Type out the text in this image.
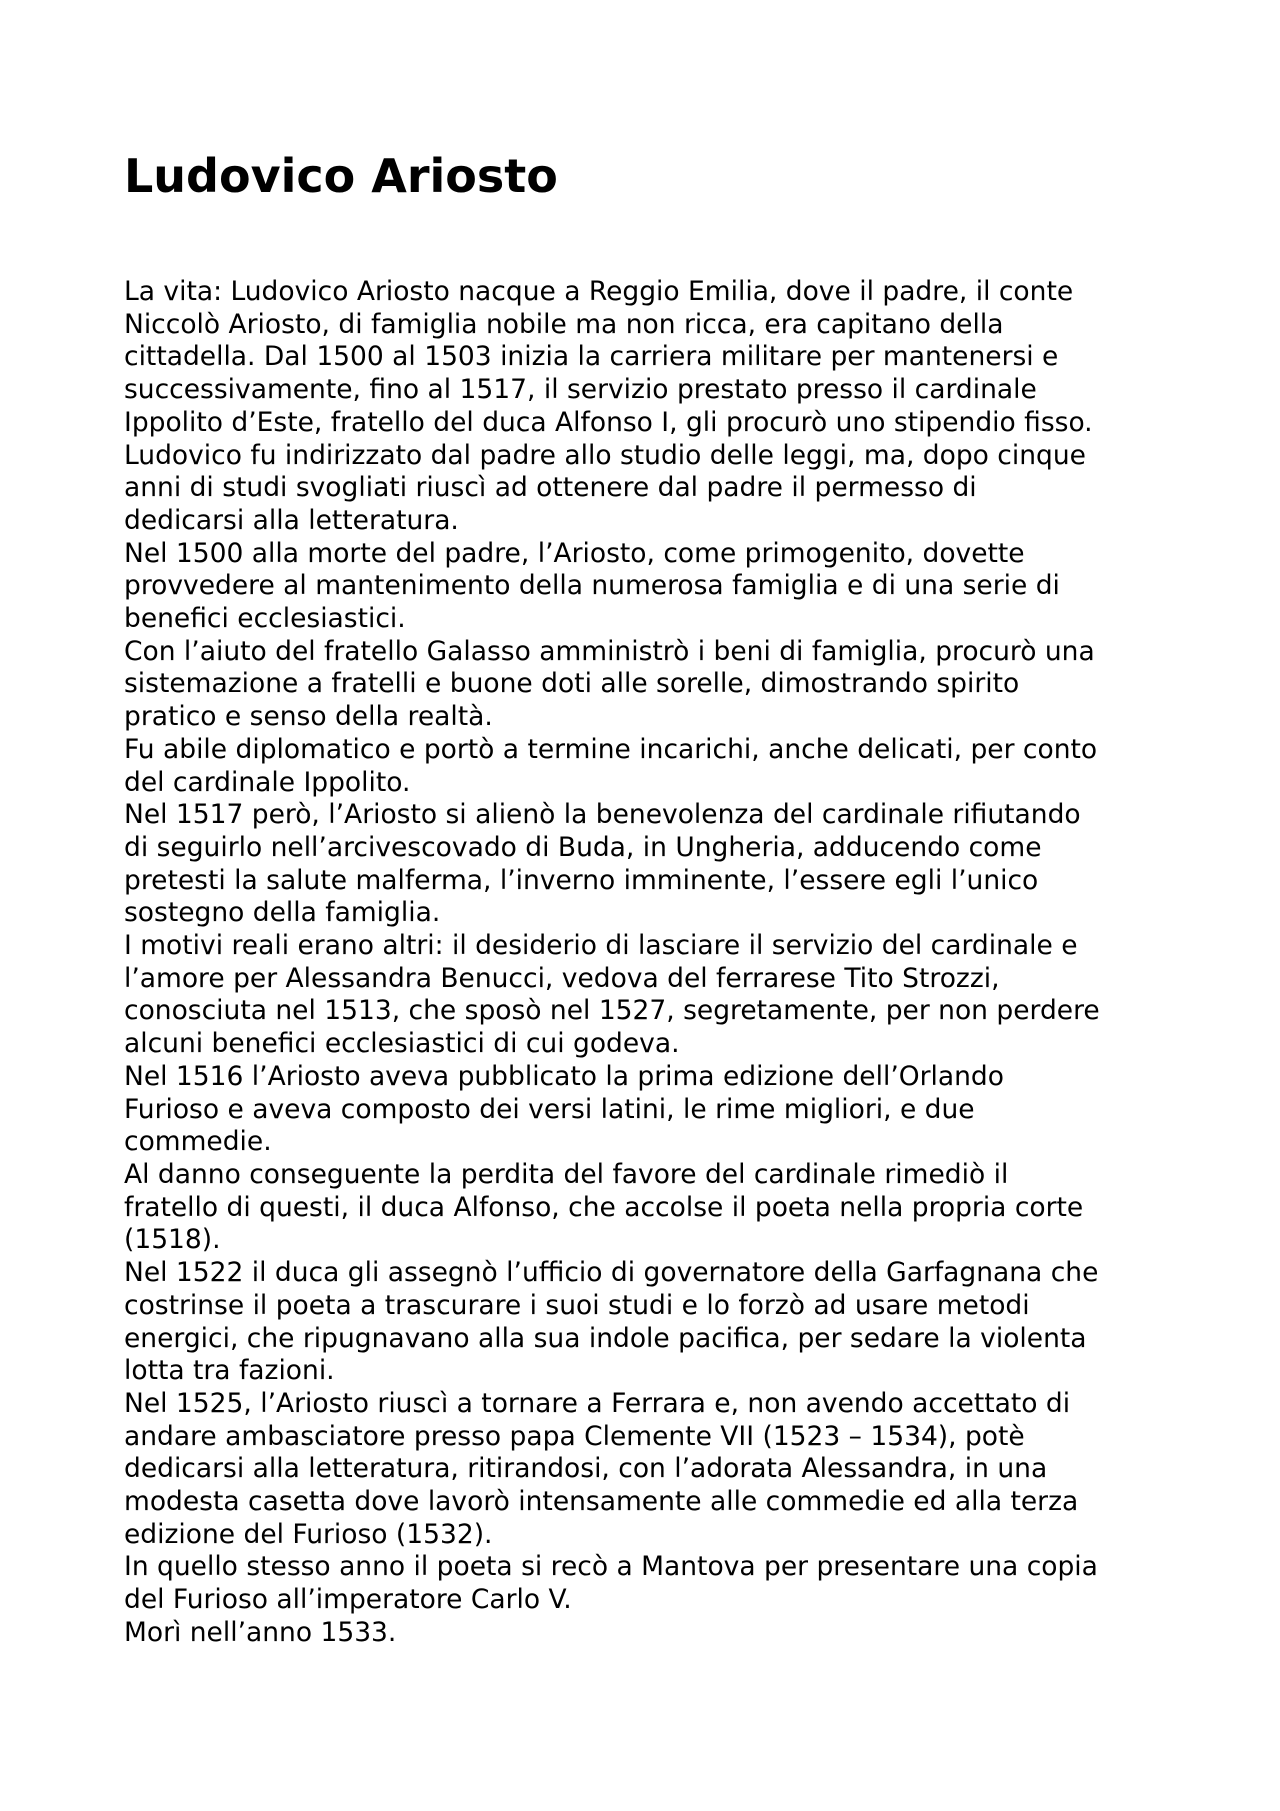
Ludovico Ariosto
La vita: Ludovico Ariosto nacque a Reggio Emilia, dove il padre, il conte
Niccolò Ariosto, di famiglia nobile ma non ricca, era capitano della
cittadella. Dal 1500 al 1503 inizia la carriera militare per mantenersi e
successivamente, fino al 1517, il servizio prestato presso il cardinale
Ippolito d’Este, fratello del duca Alfonso I, gli procurò uno stipendio fisso.
Ludovico fu indirizzato dal padre allo studio delle leggi, ma, dopo cinque
anni di studi svogliati riuscì ad ottenere dal padre il permesso di
dedicarsi alla letteratura.
Nel 1500 alla morte del padre, l’Ariosto, come primogenito, dovette
provvedere al mantenimento della numerosa famiglia e di una serie di
benefici ecclesiastici.
Con l’aiuto del fratello Galasso amministrò i beni di famiglia, procurò una
sistemazione a fratelli e buone doti alle sorelle, dimostrando spirito
pratico e senso della realtà.
Fu abile diplomatico e portò a termine incarichi, anche delicati, per conto
del cardinale Ippolito.
Nel 1517 però, l’Ariosto si alienò la benevolenza del cardinale rifiutando
di seguirlo nell’arcivescovado di Buda, in Ungheria, adducendo come
pretesti la salute malferma, l’inverno imminente, l’essere egli l’unico
sostegno della famiglia.
I motivi reali erano altri: il desiderio di lasciare il servizio del cardinale e
l’amore per Alessandra Benucci, vedova del ferrarese Tito Strozzi,
conosciuta nel 1513, che sposò nel 1527, segretamente, per non perdere
alcuni benefici ecclesiastici di cui godeva.
Nel 1516 l’Ariosto aveva pubblicato la prima edizione dell’Orlando
Furioso e aveva composto dei versi latini, le rime migliori, e due
commedie.
Al danno conseguente la perdita del favore del cardinale rimediò il
fratello di questi, il duca Alfonso, che accolse il poeta nella propria corte
(1518).
Nel 1522 il duca gli assegnò l’ufficio di governatore della Garfagnana che
costrinse il poeta a trascurare i suoi studi e lo forzò ad usare metodi
energici, che ripugnavano alla sua indole pacifica, per sedare la violenta
lotta tra fazioni.
Nel 1525, l’Ariosto riuscì a tornare a Ferrara e, non avendo accettato di
andare ambasciatore presso papa Clemente VII (1523 – 1534), potè
dedicarsi alla letteratura, ritirandosi, con l’adorata Alessandra, in una
modesta casetta dove lavorò intensamente alle commedie ed alla terza
edizione del Furioso (1532).
In quello stesso anno il poeta si recò a Mantova per presentare una copia
del Furioso all’imperatore Carlo V.
Morì nell’anno 1533.
